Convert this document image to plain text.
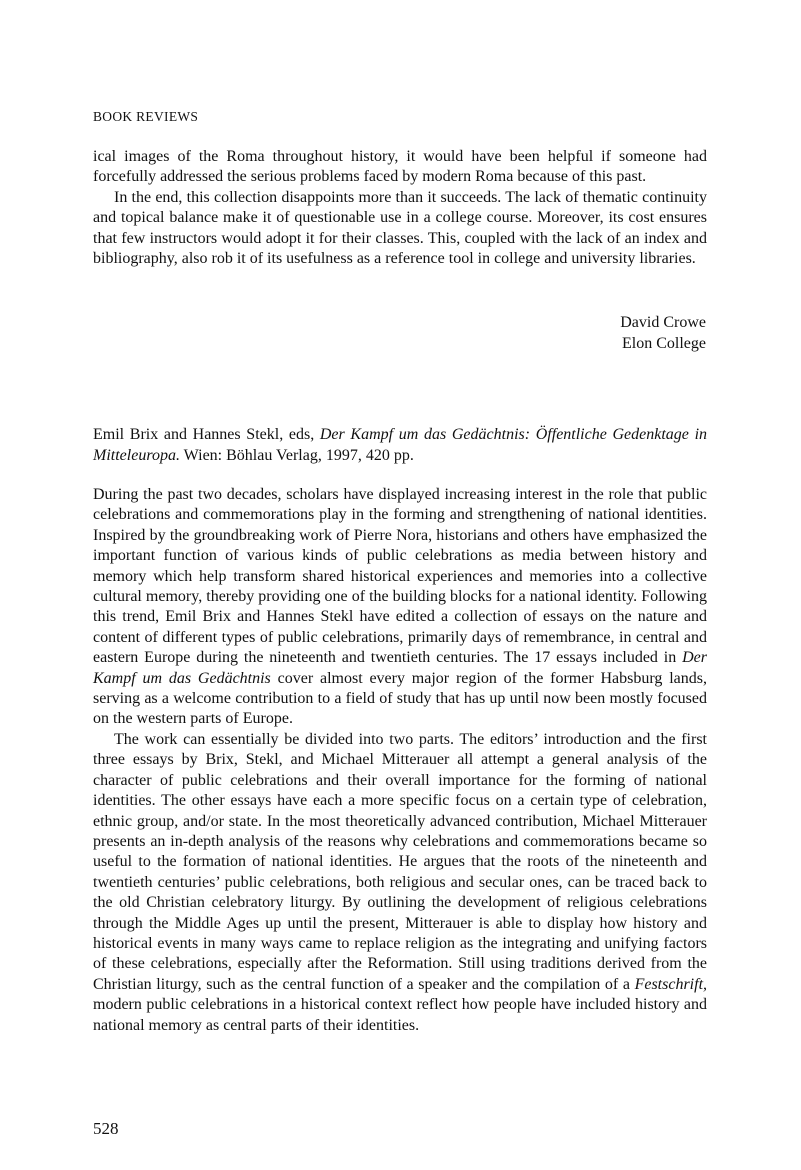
BOOK REVIEWS

ical images of the Roma throughout history, it would have been helpful if someone had forcefully addressed the serious problems faced by modern Roma because of this past.

In the end, this collection disappoints more than it succeeds. The lack of thematic continuity and topical balance make it of questionable use in a college course. Moreover, its cost ensures that few instructors would adopt it for their classes. This, coupled with the lack of an index and bibliography, also rob it of its usefulness as a reference tool in college and university libraries.

David Crowe
Elon College
Emil Brix and Hannes Stekl, eds, Der Kampf um das Gedächtnis: Öffentliche Gedenktage in Mitteleuropa. Wien: Böhlau Verlag, 1997, 420 pp.

During the past two decades, scholars have displayed increasing interest in the role that public celebrations and commemorations play in the forming and strengthening of national identities. Inspired by the groundbreaking work of Pierre Nora, historians and others have emphasized the important function of various kinds of public celebrations as media between history and memory which help transform shared historical experiences and memories into a collective cultural memory, thereby providing one of the building blocks for a national identity. Following this trend, Emil Brix and Hannes Stekl have edited a collection of essays on the nature and content of different types of public celebrations, primarily days of remembrance, in central and eastern Europe during the nineteenth and twentieth centuries. The 17 essays included in Der Kampf um das Gedächtnis cover almost every major region of the former Habsburg lands, serving as a welcome contribution to a field of study that has up until now been mostly focused on the western parts of Europe.

The work can essentially be divided into two parts. The editors’ introduction and the first three essays by Brix, Stekl, and Michael Mitterauer all attempt a general analysis of the character of public celebrations and their overall importance for the forming of national identities. The other essays have each a more specific focus on a certain type of celebration, ethnic group, and/or state. In the most theoretically advanced contribution, Michael Mitterauer presents an in-depth analysis of the reasons why celebrations and commemorations became so useful to the formation of national identities. He argues that the roots of the nineteenth and twentieth centuries’ public celebrations, both religious and secular ones, can be traced back to the old Christian celebratory liturgy. By outlining the development of religious celebrations through the Middle Ages up until the present, Mitterauer is able to display how history and historical events in many ways came to replace religion as the integrating and unifying factors of these celebrations, especially after the Reformation. Still using traditions derived from the Christian liturgy, such as the central function of a speaker and the compilation of a Festschrift, modern public celebrations in a historical context reflect how people have included history and national memory as central parts of their identities.

528
